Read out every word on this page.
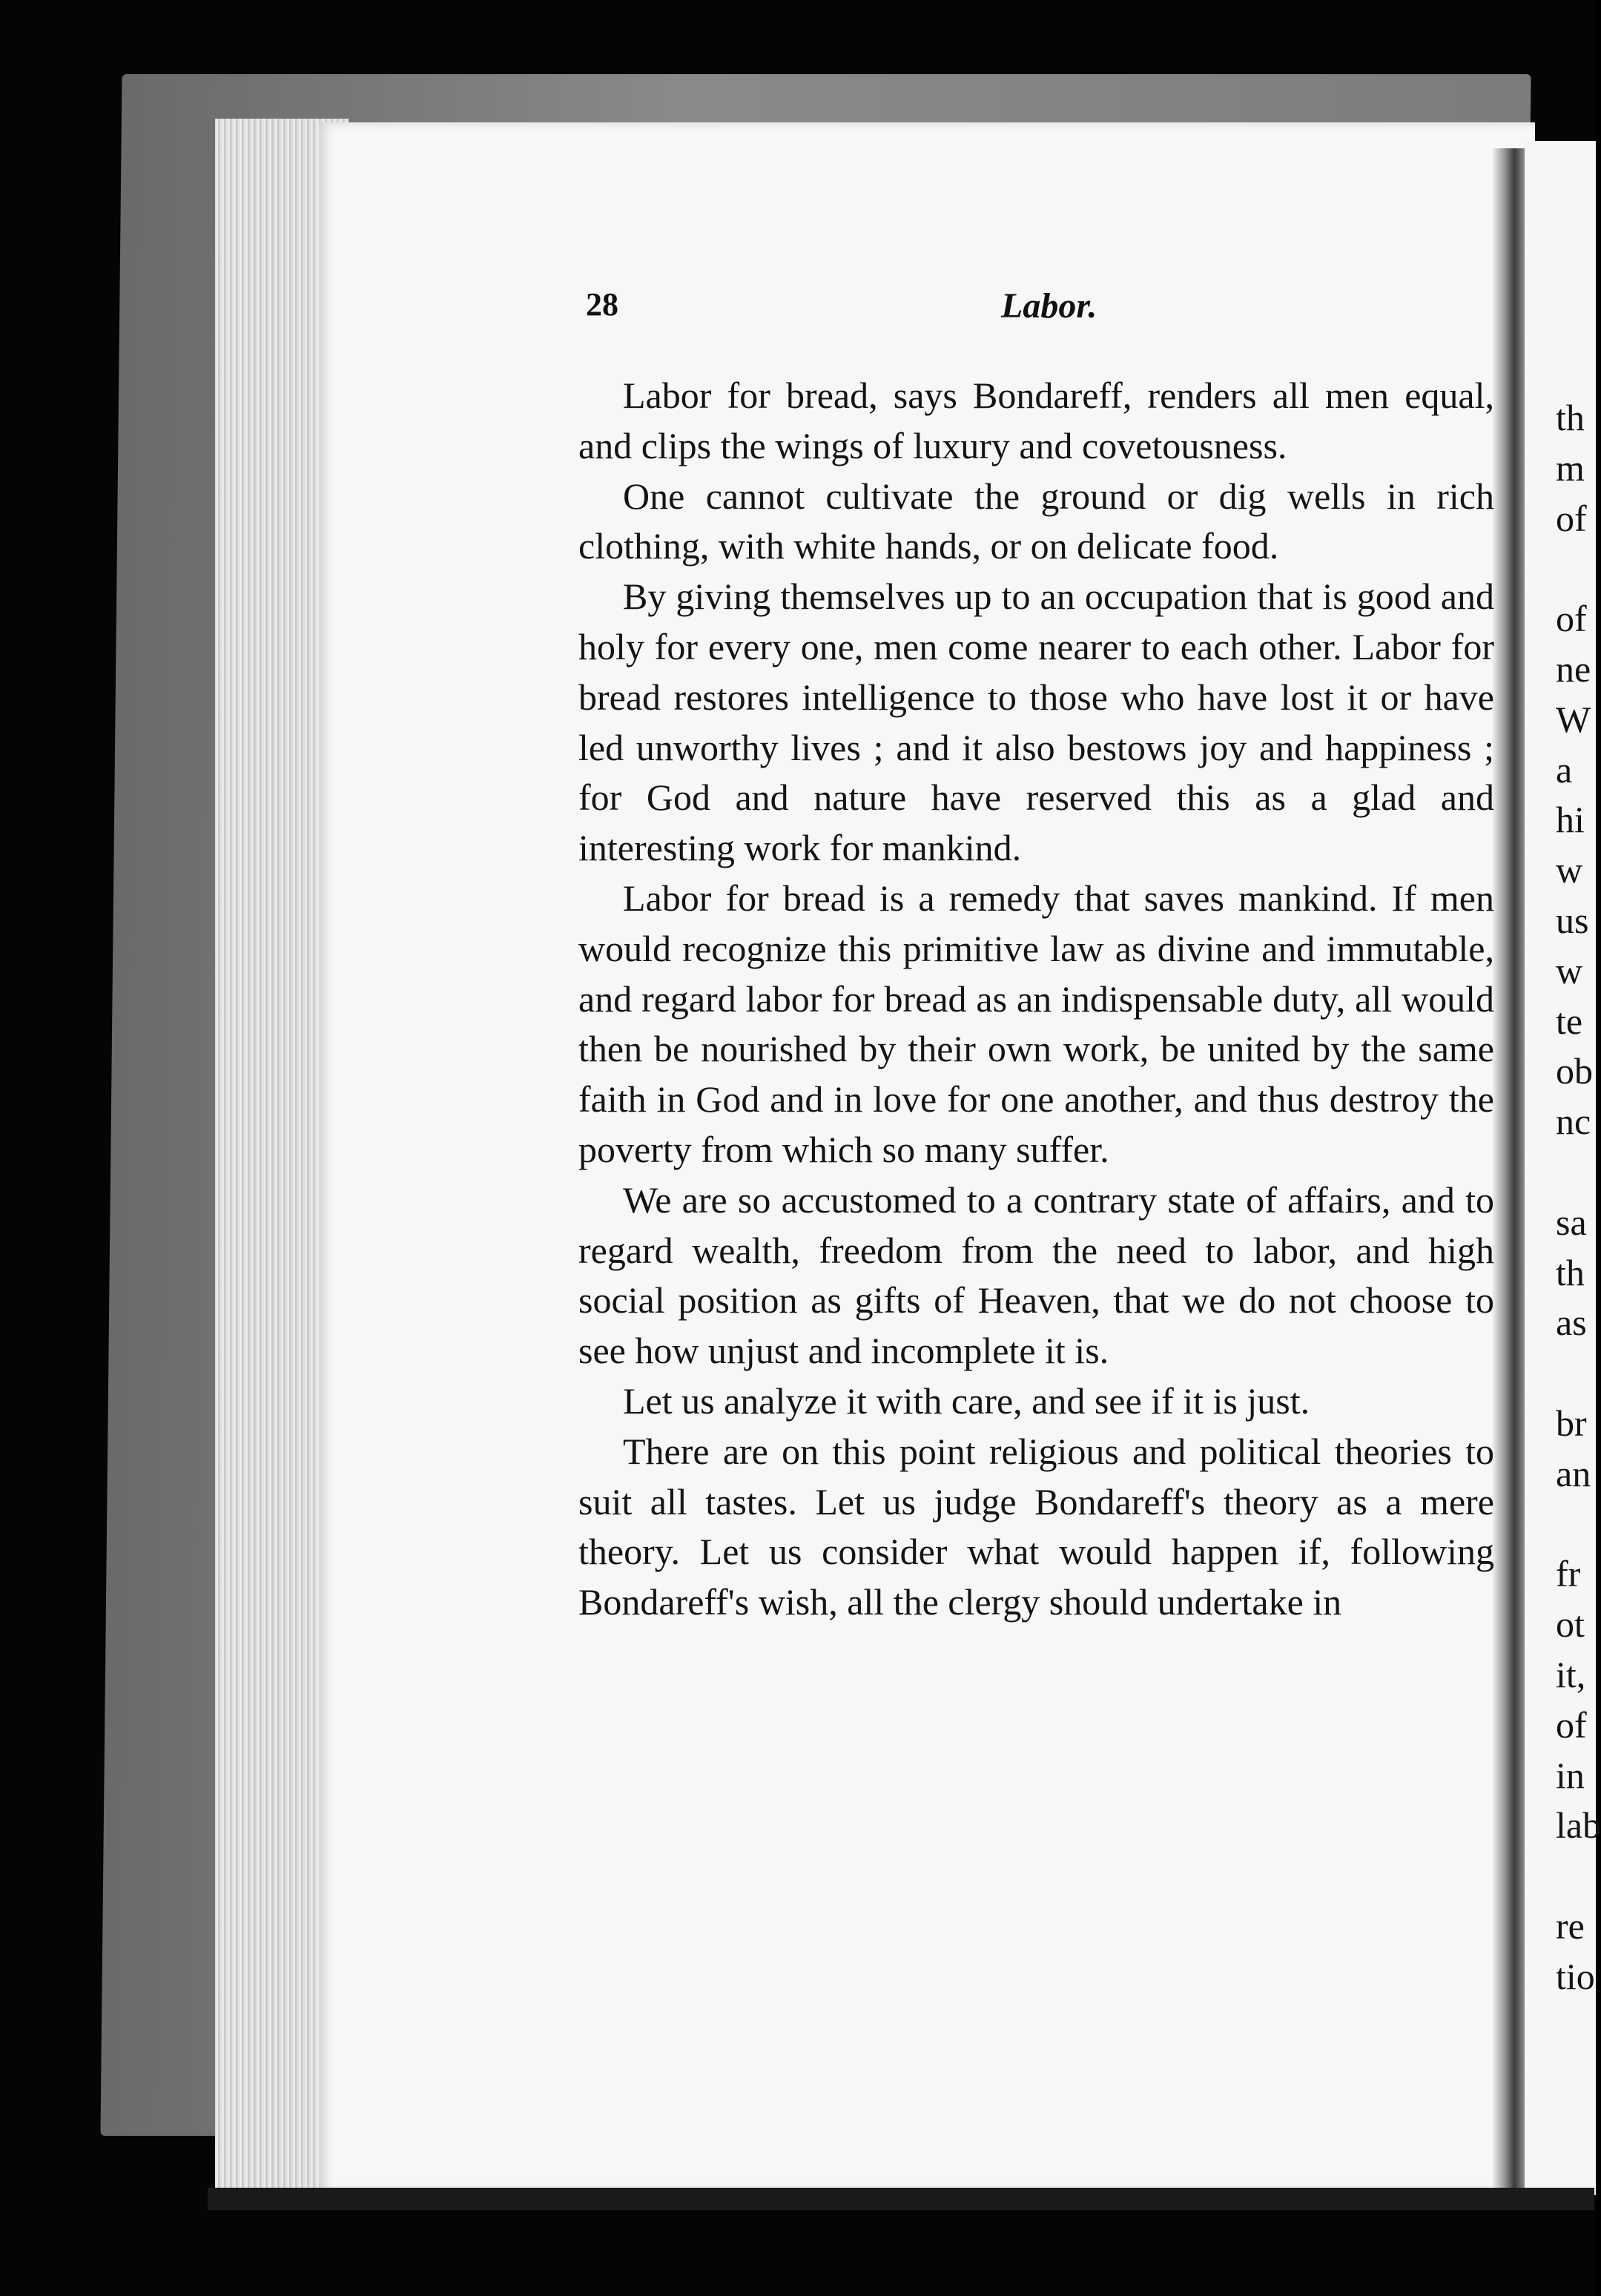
28	Labor.

Labor for bread, says Bondareff, renders all men equal, and clips the wings of luxury and covetousness.

One cannot cultivate the ground or dig wells in rich clothing, with white hands, or on delicate food.

By giving themselves up to an occupation that is good and holy for every one, men come nearer to each other. Labor for bread restores intelligence to those who have lost it or have led unworthy lives ; and it also bestows joy and happiness ; for God and nature have reserved this as a glad and interesting work for mankind.

Labor for bread is a remedy that saves mankind. If men would recognize this primitive law as divine and immutable, and regard labor for bread as an indispensable duty, all would then be nourished by their own work, be united by the same faith in God and in love for one another, and thus destroy the poverty from which so many suffer.

We are so accustomed to a contrary state of affairs, and to regard wealth, freedom from the need to labor, and high social position as gifts of Heaven, that we do not choose to see how unjust and incomplete it is.

Let us analyze it with care, and see if it is just.

There are on this point religious and political theories to suit all tastes. Let us judge Bondareff's theory as a mere theory. Let us consider what would happen if, following Bondareff's wish, all the clergy should undertake in

th
m
of
of
ne
W
a
hi
w
us
w
te
ob
nc
sa
th
as
br
an
fr
ot
it,
of
in
lab
re
tio
